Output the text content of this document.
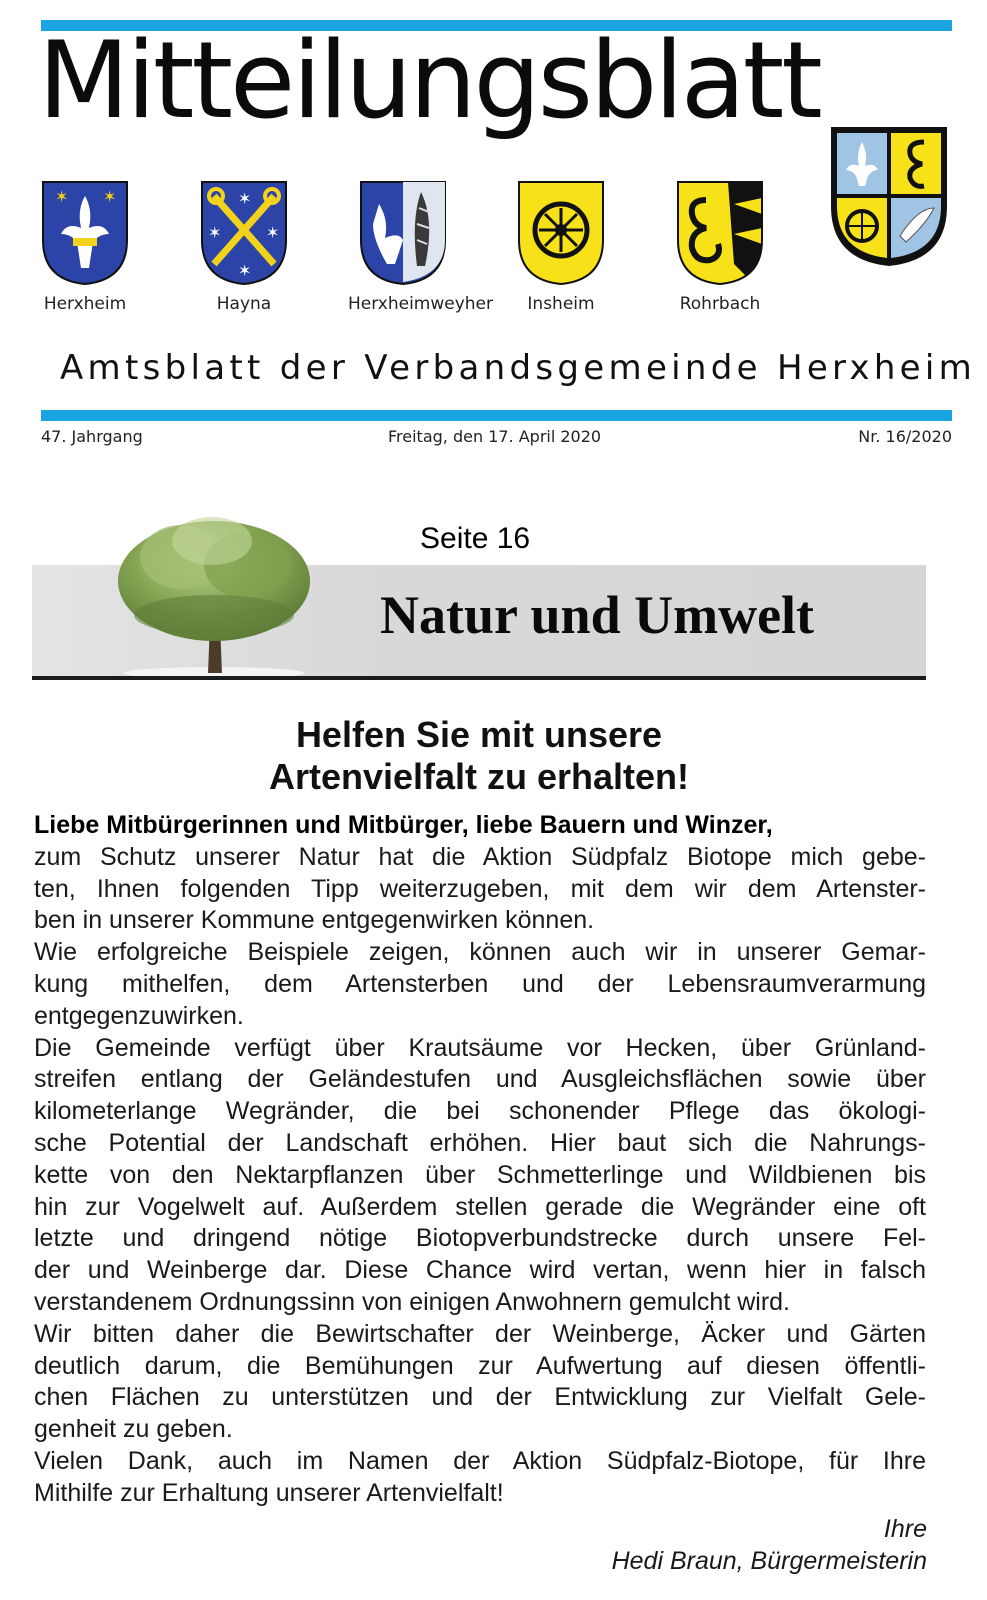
Mitteilungsblatt
✶ ✶
Herxheim
✶
✶	✶
✶
Hayna	Herxheimweyher	Insheim	Rohrbach
Amtsblatt der Verbandsgemeinde Herxheim
47. Jahrgang	Freitag, den 17. April 2020	Nr. 16/2020
Seite 16
Natur und Umwelt
Helfen Sie mit unsere
Artenvielfalt zu erhalten!

Liebe Mitbürgerinnen und Mitbürger, liebe Bauern und Winzer,

zum Schutz unserer Natur hat die Aktion Südpfalz Biotope mich gebe-

ten, Ihnen folgenden Tipp weiterzugeben, mit dem wir dem Artenster-

ben in unserer Kommune entgegenwirken können.

Wie erfolgreiche Beispiele zeigen, können auch wir in unserer Gemar-

kung mithelfen, dem Artensterben und der Lebensraumverarmung

entgegenzuwirken.

Die Gemeinde verfügt über Krautsäume vor Hecken, über Grünland-

streifen entlang der Geländestufen und Ausgleichsflächen sowie über

kilometerlange Wegränder, die bei schonender Pflege das ökologi-

sche Potential der Landschaft erhöhen. Hier baut sich die Nahrungs-

kette von den Nektarpflanzen über Schmetterlinge und Wildbienen bis

hin zur Vogelwelt auf. Außerdem stellen gerade die Wegränder eine oft

letzte und dringend nötige Biotopverbundstrecke durch unsere Fel-

der und Weinberge dar. Diese Chance wird vertan, wenn hier in falsch

verstandenem Ordnungssinn von einigen Anwohnern gemulcht wird.

Wir bitten daher die Bewirtschafter der Weinberge, Äcker und Gärten

deutlich darum, die Bemühungen zur Aufwertung auf diesen öffentli-

chen Flächen zu unterstützen und der Entwicklung zur Vielfalt Gele-

genheit zu geben.

Vielen Dank, auch im Namen der Aktion Südpfalz-Biotope, für Ihre

Mithilfe zur Erhaltung unserer Artenvielfalt!

Ihre
Hedi Braun, Bürgermeisterin
